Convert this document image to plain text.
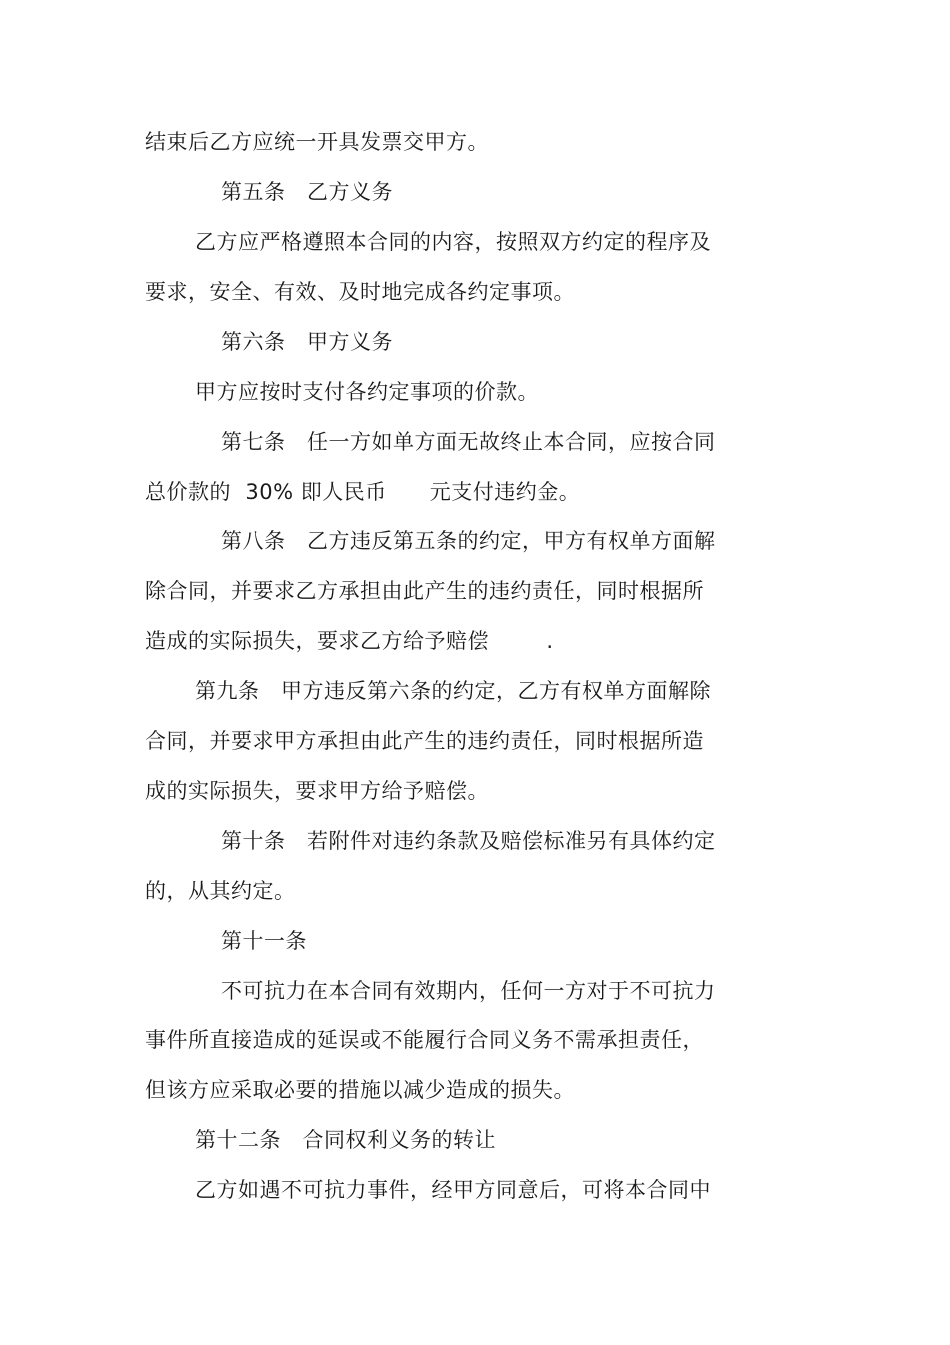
结束后乙方应统一开具发票交甲方。
第五条　乙方义务
乙方应严格遵照本合同的内容，按照双方约定的程序及
要求，安全、有效、及时地完成各约定事项。
第六条　甲方义务
甲方应按时支付各约定事项的价款。
第七条　任一方如单方面无故终止本合同，应按合同
总价款的  30% 即人民币      元支付违约金。
第八条　乙方违反第五条的约定，甲方有权单方面解
除合同，并要求乙方承担由此产生的违约责任，同时根据所
造成的实际损失，要求乙方给予赔偿        .
第九条　甲方违反第六条的约定，乙方有权单方面解除
合同，并要求甲方承担由此产生的违约责任，同时根据所造
成的实际损失，要求甲方给予赔偿。
第十条　若附件对违约条款及赔偿标准另有具体约定
的，从其约定。
第十一条
不可抗力在本合同有效期内，任何一方对于不可抗力
事件所直接造成的延误或不能履行合同义务不需承担责任，
但该方应采取必要的措施以减少造成的损失。
第十二条　合同权利义务的转让
乙方如遇不可抗力事件，经甲方同意后，可将本合同中
